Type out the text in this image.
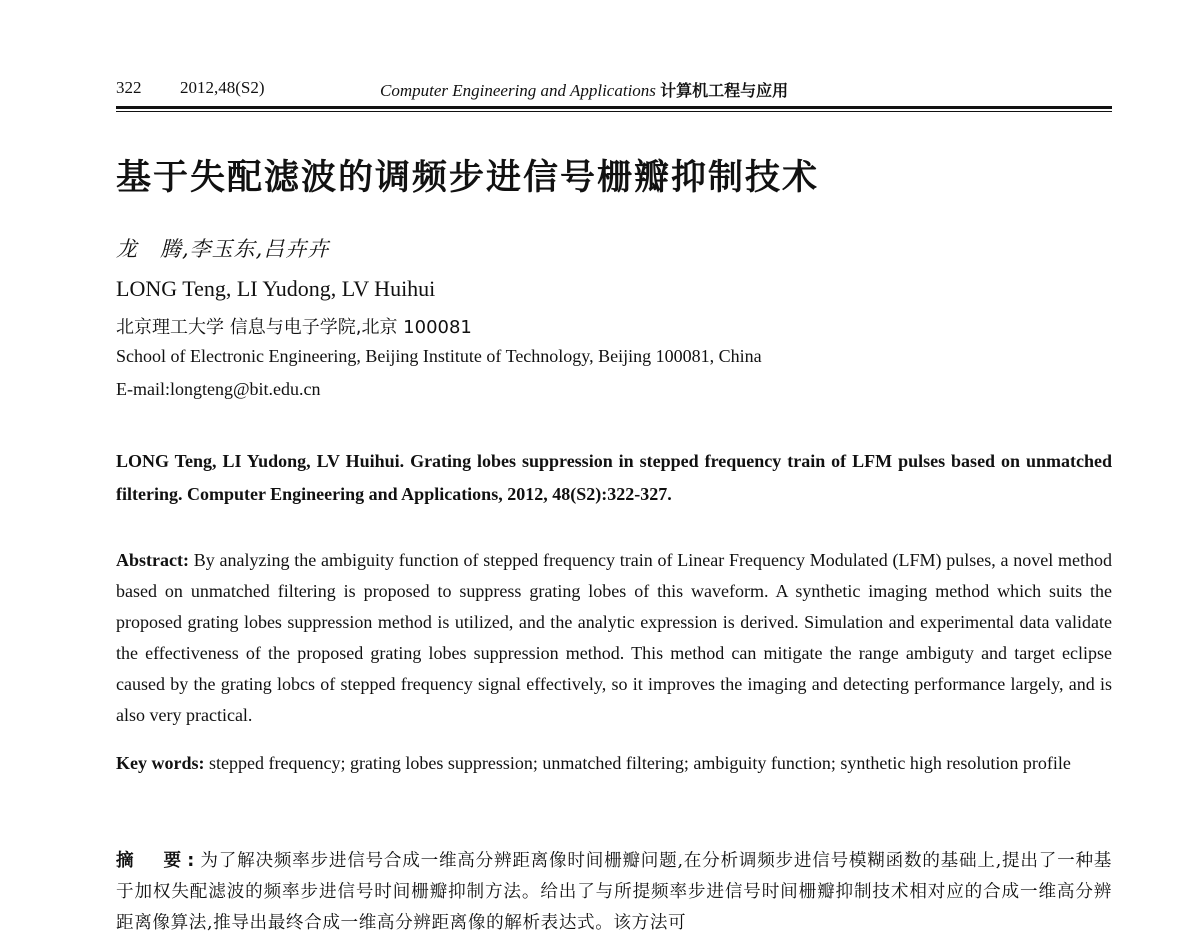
322 2012,48(S2)	Computer Engineering and Applications 计算机工程与应用
基于失配滤波的调频步进信号栅瓣抑制技术
龙　腾,李玉东,吕卉卉
LONG Teng, LI Yudong, LV Huihui
北京理工大学 信息与电子学院,北京 100081
School of Electronic Engineering, Beijing Institute of Technology, Beijing 100081, China
E-mail:longteng@bit.edu.cn
LONG Teng, LI Yudong, LV Huihui. Grating lobes suppression in stepped frequency train of LFM pulses based on unmatched filtering. Computer Engineering and Applications, 2012, 48(S2):322-327.
Abstract: By analyzing the ambiguity function of stepped frequency train of Linear Frequency Modulated (LFM) pulses, a novel method based on unmatched filtering is proposed to suppress grating lobes of this waveform. A synthetic imaging method which suits the proposed grating lobes suppression method is utilized, and the analytic expression is derived. Simulation and experimental data validate the effectiveness of the proposed grating lobes suppression method. This method can mitigate the range ambiguty and target eclipse caused by the grating lobcs of stepped frequency signal effectively, so it improves the imaging and detecting performance largely, and is also very practical.
Key words: stepped frequency; grating lobes suppression; unmatched filtering; ambiguity function; synthetic high resolution profile
摘　要:为了解决频率步进信号合成一维高分辨距离像时间栅瓣问题,在分析调频步进信号模糊函数的基础上,提出了一种基于加权失配滤波的频率步进信号时间栅瓣抑制方法。给出了与所提频率步进信号时间栅瓣抑制技术相对应的合成一维高分辨距离像算法,推导出最终合成一维高分辨距离像的解析表达式。该方法可
